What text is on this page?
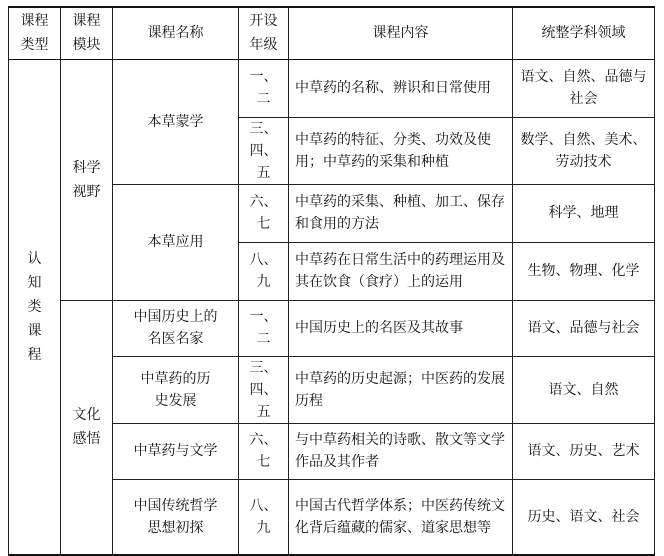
课程类型	课程模块	课程名称	开设年级	课程内容	统整学科领域
认知类课程	科学视野	本草蒙学	一、二	中草药的名称、辨识和日常使用	语文、自然、品德与社会
			三、四、五	中草药的特征、分类、功效及使用；中草药的采集和种植	数学、自然、美术、劳动技术
		本草应用	六、七	中草药的采集、种植、加工、保存和食用的方法	科学、地理
			八、九	中草药在日常生活中的药理运用及其在饮食（食疗）上的运用	生物、物理、化学
	文化感悟	中国历史上的名医名家	一、二	中国历史上的名医及其故事	语文、品德与社会
		中草药的历史发展	三、四、五	中草药的历史起源；中医药的发展历程	语文、自然
		中草药与文学	六、七	与中草药相关的诗歌、散文等文学作品及其作者	语文、历史、艺术
		中国传统哲学思想初探	八、九	中国古代哲学体系；中医药传统文化背后蕴藏的儒家、道家思想等	历史、语文、社会
